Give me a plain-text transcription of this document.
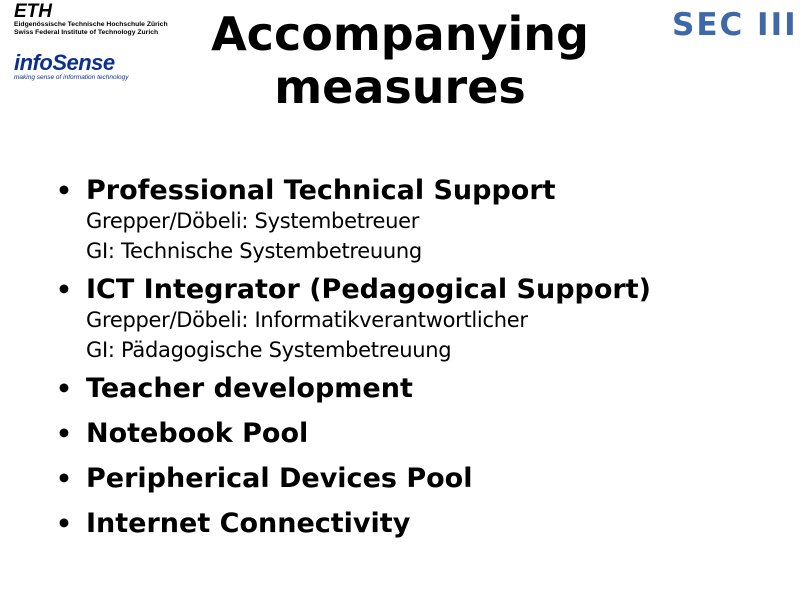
ETH
Eidgenössische Technische Hochschule Zürich
Swiss Federal Institute of Technology Zurich
infoSense
making sense of information technology
SEC III
Accompanying
measures
• Professional Technical Support
Grepper/Döbeli: Systembetreuer
GI: Technische Systembetreuung
• ICT Integrator (Pedagogical Support)
Grepper/Döbeli: Informatikverantwortlicher
GI: Pädagogische Systembetreuung
• Teacher development
• Notebook Pool
• Peripherical Devices Pool
• Internet Connectivity
